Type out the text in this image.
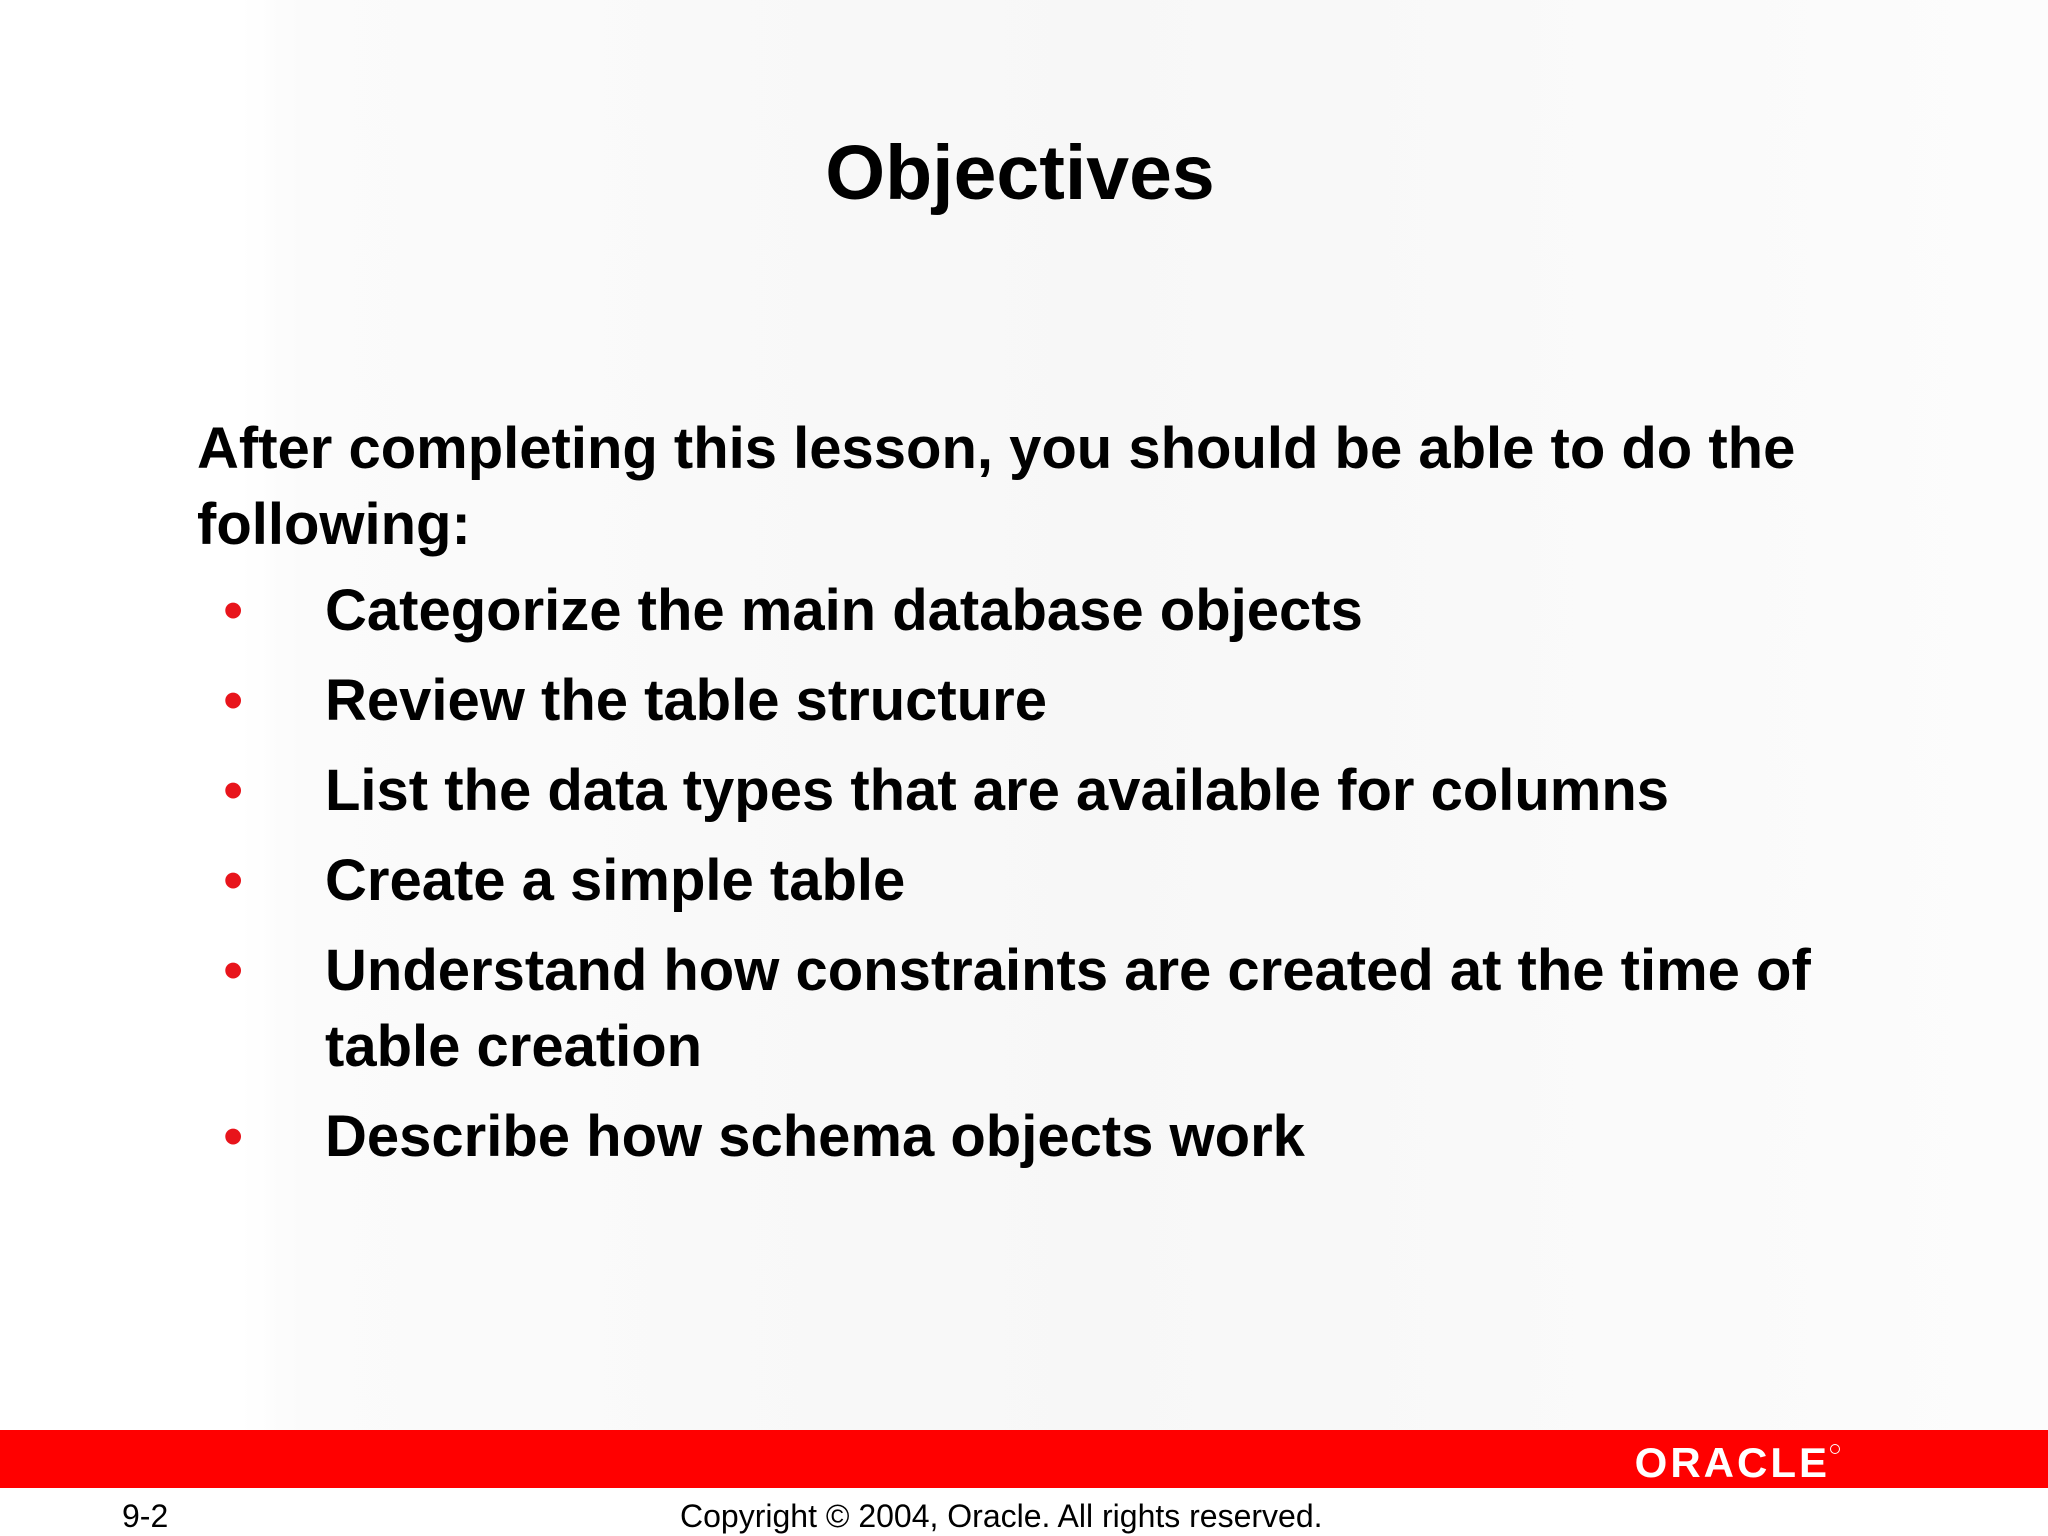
Objectives

After completing this lesson, you should be able to do the following:

• Categorize the main database objects
• Review the table structure
• List the data types that are available for columns
• Create a simple table
• Understand how constraints are created at the time of table creation
• Describe how schema objects work
ORACLE
9-2	Copyright © 2004, Oracle. All rights reserved.
